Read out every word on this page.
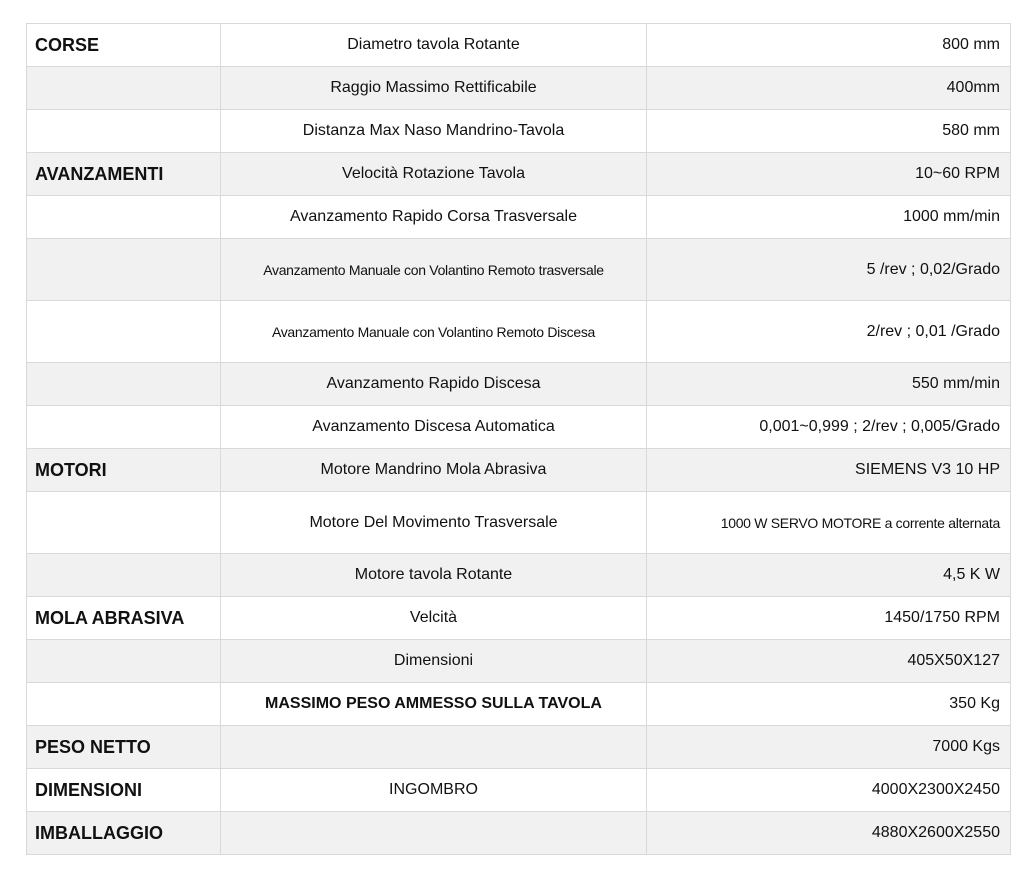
CORSE	Diametro tavola Rotante	800 mm
	Raggio Massimo Rettificabile	400mm
	Distanza Max Naso Mandrino-Tavola	580 mm
AVANZAMENTI	Velocità Rotazione Tavola	10~60 RPM
	Avanzamento Rapido Corsa Trasversale	1000 mm/min
	Avanzamento Manuale con Volantino Remoto trasversale	5 /rev ; 0,02/Grado
	Avanzamento Manuale con Volantino Remoto Discesa	2/rev ; 0,01 /Grado
	Avanzamento Rapido Discesa	550 mm/min
	Avanzamento Discesa Automatica	0,001~0,999 ; 2/rev ; 0,005/Grado
MOTORI	Motore Mandrino Mola Abrasiva	SIEMENS V3 10 HP
	Motore Del Movimento Trasversale	1000 W SERVO MOTORE a corrente alternata
	Motore tavola Rotante	4,5 K W
MOLA ABRASIVA	Velcità	1450/1750 RPM
	Dimensioni	405X50X127
	MASSIMO PESO AMMESSO SULLA TAVOLA	350 Kg
PESO NETTO		7000 Kgs
DIMENSIONI	INGOMBRO	4000X2300X2450
IMBALLAGGIO		4880X2600X2550
